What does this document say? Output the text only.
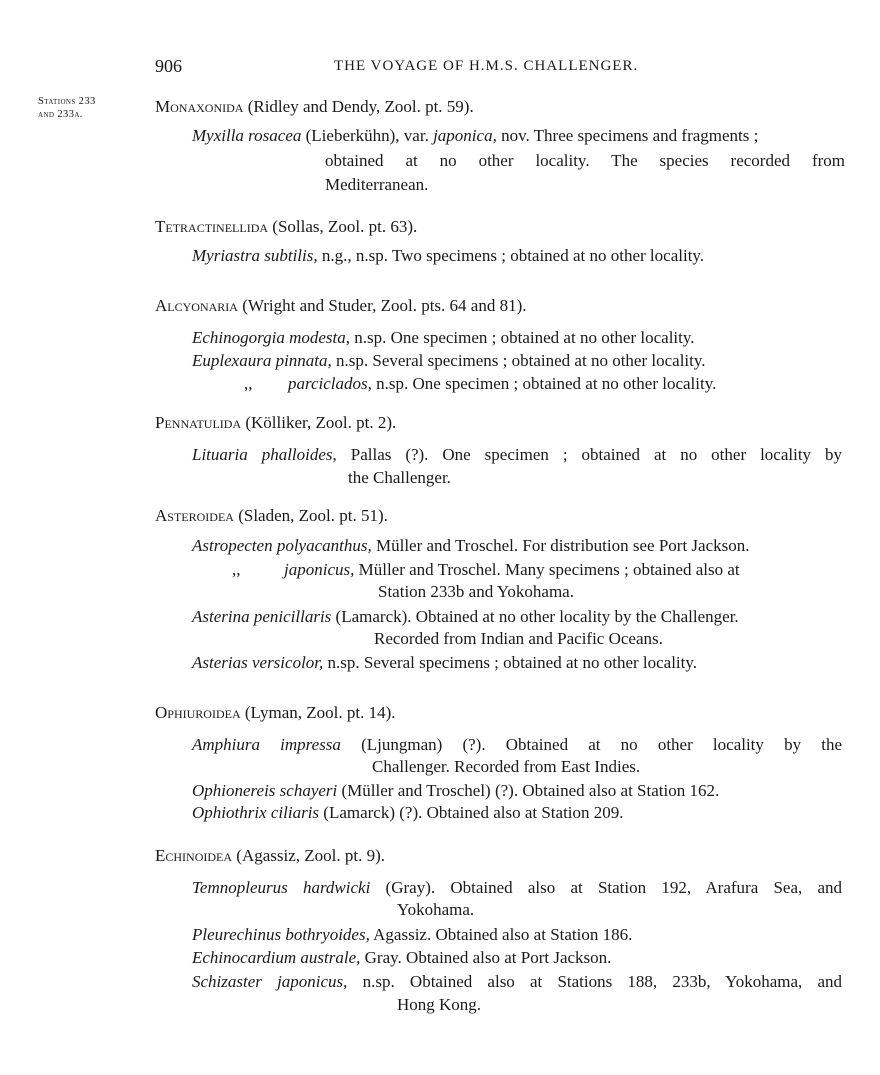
906	THE VOYAGE OF H.M.S. CHALLENGER.
Stations 233
and 233a.	Monaxonida (Ridley and Dendy, Zool. pt. 59).
Myxilla rosacea (Lieberkühn), var. japonica, nov. Three specimens and fragments ;
obtained at no other locality. The species recorded from
Mediterranean.
Tetractinellida (Sollas, Zool. pt. 63).
Myriastra subtilis, n.g., n.sp. Two specimens ; obtained at no other locality.
Alcyonaria (Wright and Studer, Zool. pts. 64 and 81).
Echinogorgia modesta, n.sp. One specimen ; obtained at no other locality.
Euplexaura pinnata, n.sp. Several specimens ; obtained at no other locality.
,, parciclados, n.sp. One specimen ; obtained at no other locality.
Pennatulida (Kölliker, Zool. pt. 2).
Lituaria phalloides, Pallas (?). One specimen ; obtained at no other locality by
the Challenger.
Asteroidea (Sladen, Zool. pt. 51).
Astropecten polyacanthus, Müller and Troschel. For distribution see Port Jackson.
,,	japonicus, Müller and Troschel. Many specimens ; obtained also at
Station 233b and Yokohama.
Asterina penicillaris (Lamarck). Obtained at no other locality by the Challenger.
Recorded from Indian and Pacific Oceans.
Asterias versicolor, n.sp. Several specimens ; obtained at no other locality.
Ophiuroidea (Lyman, Zool. pt. 14).
Amphiura impressa (Ljungman) (?). Obtained at no other locality by the
Challenger. Recorded from East Indies.
Ophionereis schayeri (Müller and Troschel) (?). Obtained also at Station 162.
Ophiothrix ciliaris (Lamarck) (?). Obtained also at Station 209.
Echinoidea (Agassiz, Zool. pt. 9).
Temnopleurus hardwicki (Gray). Obtained also at Station 192, Arafura Sea, and
Yokohama.
Pleurechinus bothryoides, Agassiz. Obtained also at Station 186.
Echinocardium australe, Gray. Obtained also at Port Jackson.
Schizaster japonicus, n.sp. Obtained also at Stations 188, 233b, Yokohama, and
Hong Kong.
